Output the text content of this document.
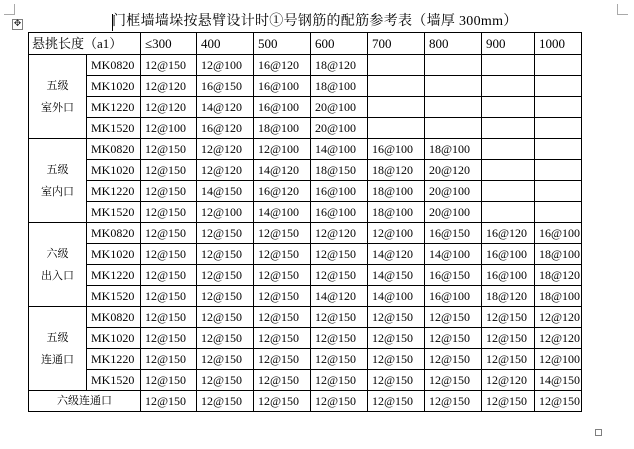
✥	门框墙墙垛按悬臂设计时①号钢筋的配筋参考表（墙厚 300mm）
悬挑长度（a1）		≤300	400	500	600	700	800	900	1000

五级
室外口	MK0820	12@150	12@100	16@120	18@120				
	MK1020	12@120	16@150	16@100	18@100				
	MK1220	12@120	14@120	16@100	20@100				
	MK1520	12@100	16@120	18@100	20@100				

五级
室内口	MK0820	12@150	12@120	12@100	14@100	16@100	18@100		
	MK1020	12@150	12@120	14@120	18@150	18@120	20@120		
	MK1220	12@150	14@150	16@120	16@100	18@100	20@100		
	MK1520	12@150	12@100	14@100	16@100	18@100	20@100		

六级
出入口	MK0820	12@150	12@150	12@150	12@120	12@100	16@150	16@120	16@100
	MK1020	12@150	12@150	12@150	12@150	14@120	14@100	16@100	18@100
	MK1220	12@150	12@150	12@150	12@150	14@150	16@150	16@100	18@120
	MK1520	12@150	12@150	12@150	14@120	14@100	16@100	18@120	18@100

五级
连通口	MK0820	12@150	12@150	12@150	12@150	12@150	12@150	12@150	12@120
	MK1020	12@150	12@150	12@150	12@150	12@150	12@150	12@150	12@120
	MK1220	12@150	12@150	12@150	12@150	12@150	12@150	12@150	12@100
	MK1520	12@150	12@150	12@150	12@150	12@150	12@150	12@120	14@150
六级连通口		12@150	12@150	12@150	12@150	12@150	12@150	12@150	12@150
